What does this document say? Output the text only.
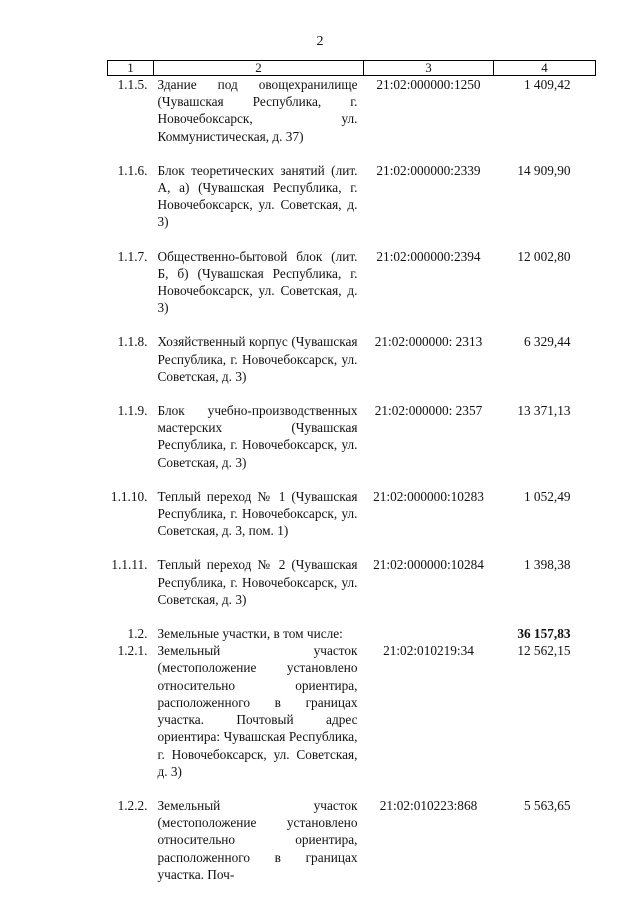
2
1	2	3	4
1.1.5.	Здание под овощехранилище (Чувашская Республика, г. Новочебоксарск, ул. Коммунистическая, д. 37)	21:02:000000:1250	1 409,42
1.1.6.	Блок теоретических занятий (лит. А, а) (Чувашская Республика, г. Новочебоксарск, ул. Советская, д. 3)	21:02:000000:2339	14 909,90
1.1.7.	Общественно-бытовой блок (лит. Б, б) (Чувашская Республика, г. Новочебоксарск, ул. Советская, д. 3)	21:02:000000:2394	12 002,80
1.1.8.	Хозяйственный корпус (Чувашская Республика, г. Новочебоксарск, ул. Советская, д. 3)	21:02:000000: 2313	6 329,44
1.1.9.	Блок учебно-производственных мастерских (Чувашская Республика, г. Новочебоксарск, ул. Советская, д. 3)	21:02:000000: 2357	13 371,13
1.1.10.	Теплый переход № 1 (Чувашская Республика, г. Новочебоксарск, ул. Советская, д. 3, пом. 1)	21:02:000000:10283	1 052,49
1.1.11.	Теплый переход № 2 (Чувашская Республика, г. Новочебоксарск, ул. Советская, д. 3)	21:02:000000:10284	1 398,38
1.2.	Земельные участки, в том числе:		36 157,83
1.2.1.	Земельный участок (местоположение установлено относительно ориентира, расположенного в границах участка. Почтовый адрес ориентира: Чувашская Республика, г. Новочебоксарск, ул. Советская, д. 3)	21:02:010219:34	12 562,15
1.2.2.	Земельный участок (местоположение установлено относительно ориентира, расположенного в границах участка. Поч-	21:02:010223:868	5 563,65
